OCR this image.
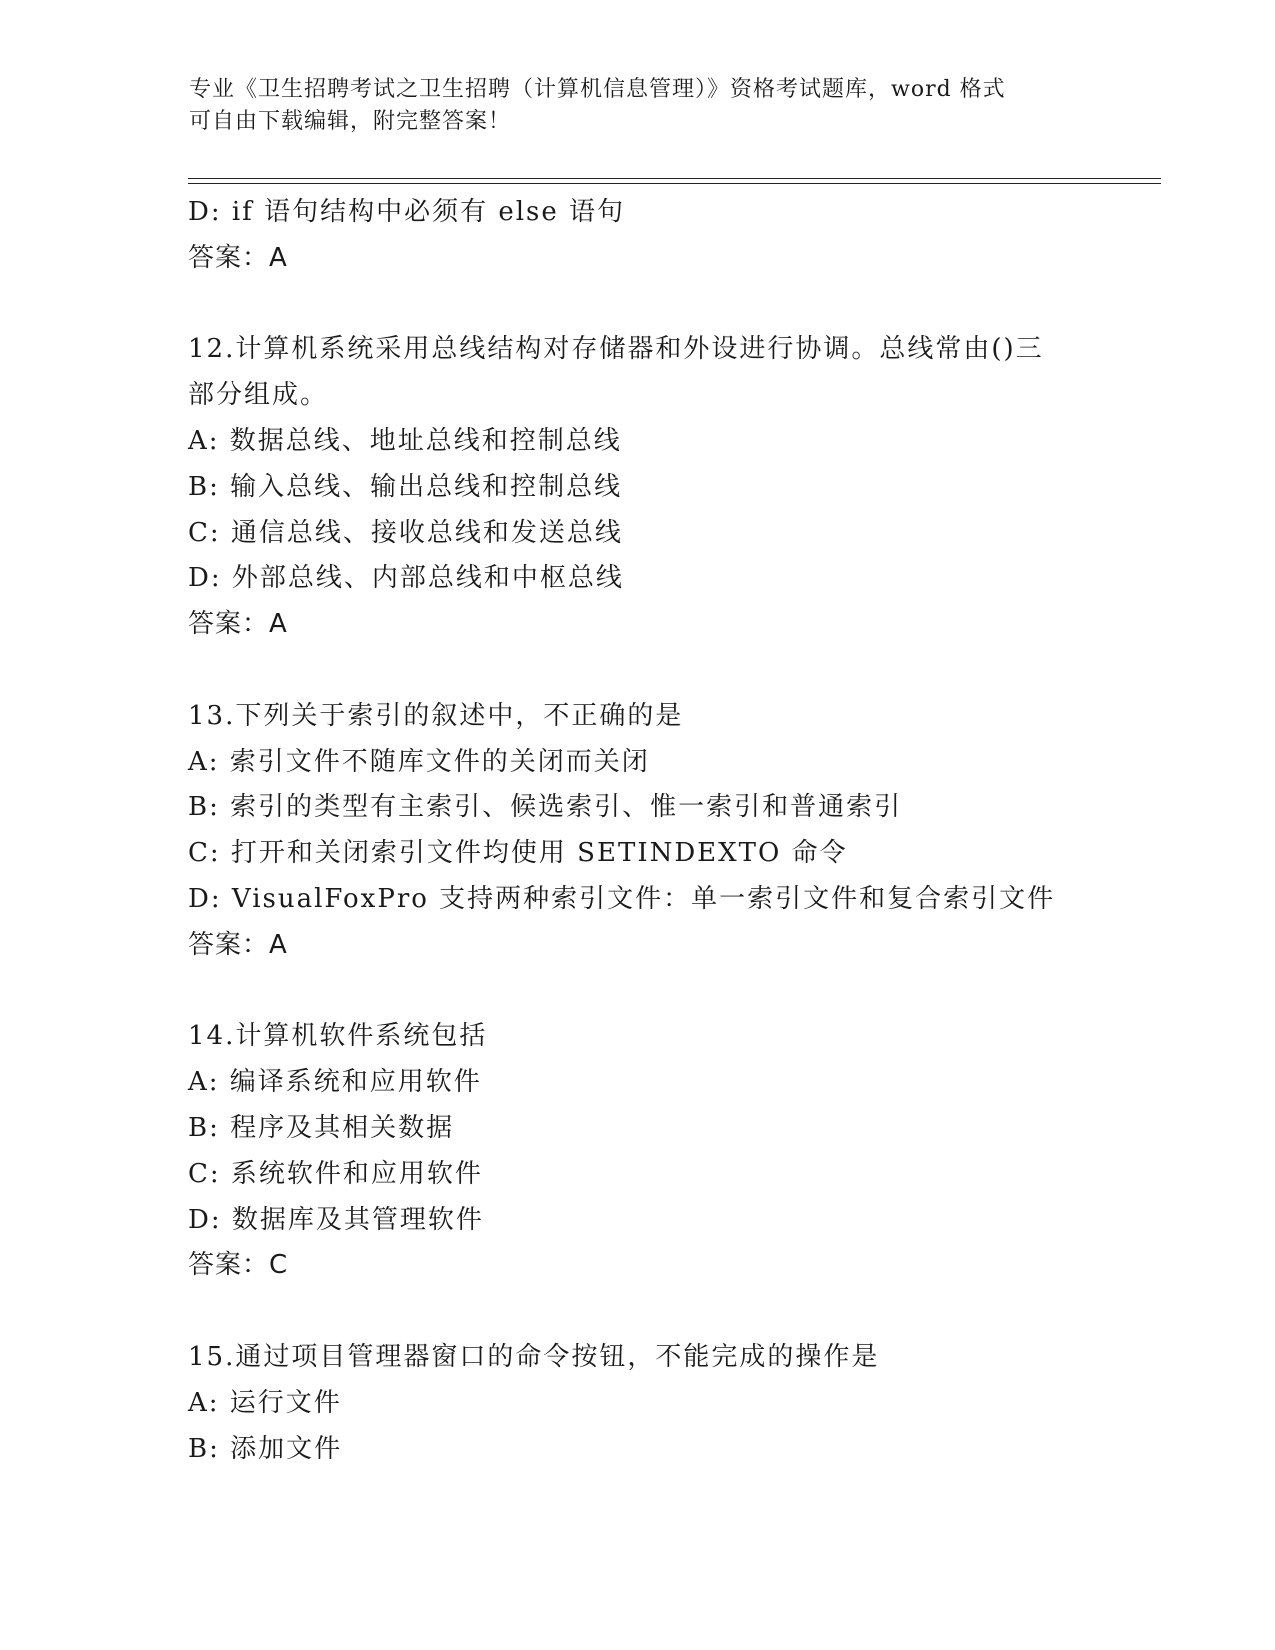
专业《卫生招聘考试之卫生招聘（计算机信息管理）》资格考试题库，word 格式
可自由下载编辑，附完整答案！
D: if 语句结构中必须有 else 语句
答案：A
12.计算机系统采用总线结构对存储器和外设进行协调。总线常由()三
部分组成。
A: 数据总线、地址总线和控制总线
B: 输入总线、输出总线和控制总线
C: 通信总线、接收总线和发送总线
D: 外部总线、内部总线和中枢总线
答案：A
13.下列关于索引的叙述中，不正确的是
A: 索引文件不随库文件的关闭而关闭
B: 索引的类型有主索引、候选索引、惟一索引和普通索引
C: 打开和关闭索引文件均使用 SETINDEXTO 命令
D: VisualFoxPro 支持两种索引文件：单一索引文件和复合索引文件
答案：A
14.计算机软件系统包括
A: 编译系统和应用软件
B: 程序及其相关数据
C: 系统软件和应用软件
D: 数据库及其管理软件
答案：C
15.通过项目管理器窗口的命令按钮，不能完成的操作是
A: 运行文件
B: 添加文件
